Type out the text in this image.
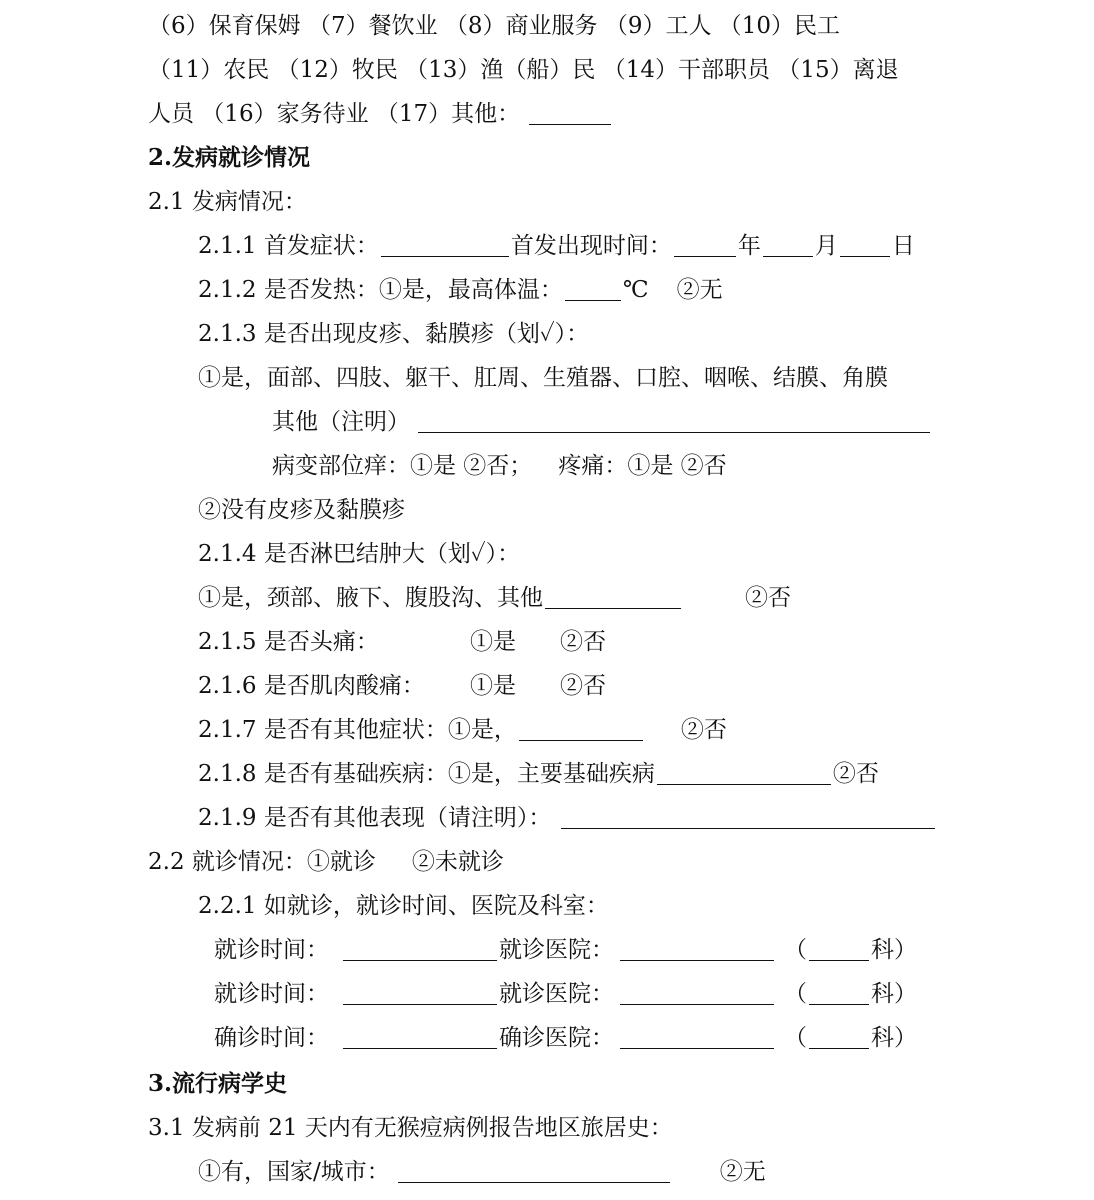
（6）保育保姆 （7）餐饮业 （8）商业服务 （9）工人 （10）民工
（11）农民 （12）牧民 （13）渔（船）民 （14）干部职员 （15）离退
人员 （16）家务待业 （17）其他：
2.发病就诊情况
2.1 发病情况：
2.1.1 首发症状：	首发出现时间：	年 月 日
2.1.2 是否发热：①是，最高体温：	℃ ②无
2.1.3 是否出现皮疹、黏膜疹（划✓）：
①是，面部、四肢、躯干、肛周、生殖器、口腔、咽喉、结膜、角膜
其他（注明）
病变部位痒：①是 ②否； 疼痛：①是 ②否
②没有皮疹及黏膜疹
2.1.4 是否淋巴结肿大（划✓）：
①是，颈部、腋下、腹股沟、其他	②否
2.1.5 是否头痛：	①是 ②否
2.1.6 是否肌肉酸痛： ①是 ②否
2.1.7 是否有其他症状：①是，	②否
2.1.8 是否有基础疾病：①是，主要基础疾病	②否
2.1.9 是否有其他表现（请注明）：
2.2 就诊情况：①就诊 ②未就诊
2.2.1 如就诊，就诊时间、医院及科室：
就诊时间：	就诊医院：	（	科）
就诊时间：	就诊医院：	（	科）
确诊时间：	确诊医院：	（	科）
3.流行病学史
3.1 发病前 21 天内有无猴痘病例报告地区旅居史：
①有，国家/城市：	②无
